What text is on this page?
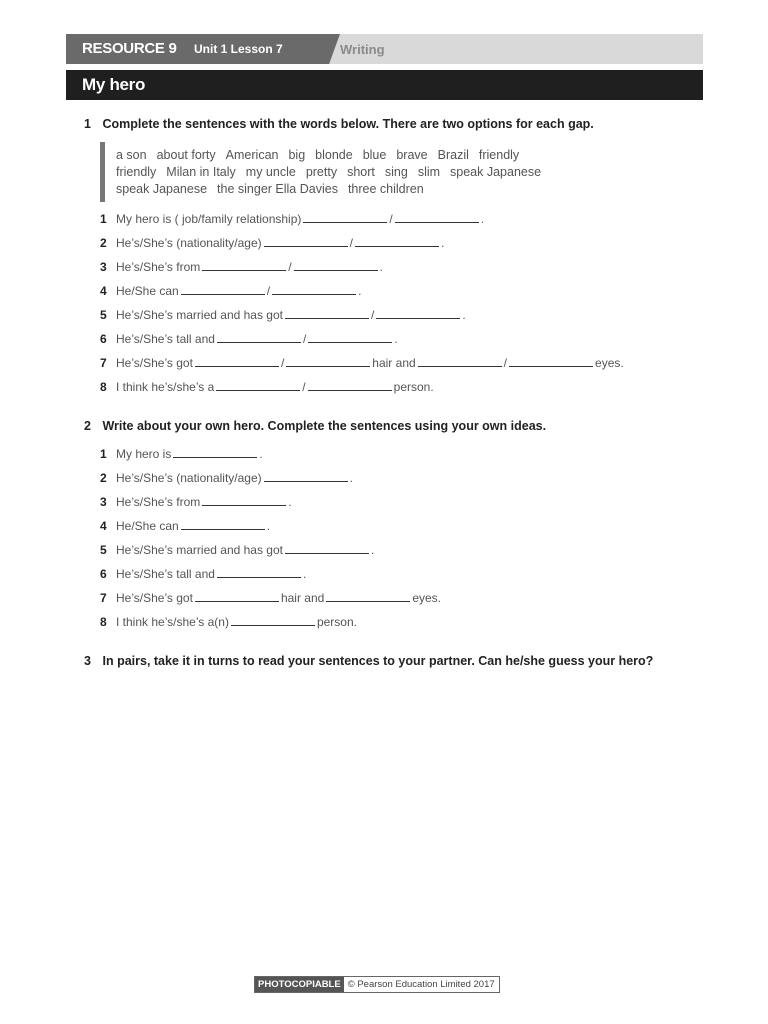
RESOURCE 9 Unit 1 Lesson 7	Writing
My hero
1 Complete the sentences with the words below. There are two options for each gap.
a son about forty American big blonde blue brave Brazil friendly
friendly Milan in Italy my uncle pretty short sing slim speak Japanese
speak Japanese the singer Ella Davies three children
1 My hero is ( job/family relationship)	/	.
2 He’s/She’s (nationality/age)	/	.
3 He’s/She’s from	/	.
4 He/She can	/	.
5 He’s/She’s married and has got	/	.
6 He’s/She’s tall and	/	.
7 He’s/She’s got	/	hair and	/	eyes.
8 I think he’s/she’s a	/	person.
2 Write about your own hero. Complete the sentences using your own ideas.
1 My hero is	.
2 He’s/She’s (nationality/age)	.
3 He’s/She’s from	.
4 He/She can	.
5 He’s/She’s married and has got	.
6 He’s/She’s tall and	.
7 He’s/She’s got	hair and	eyes.
8 I think he’s/she’s a(n)	person.
3 In pairs, take it in turns to read your sentences to your partner. Can he/she guess your hero?
PHOTOCOPIABLE © Pearson Education Limited 2017
